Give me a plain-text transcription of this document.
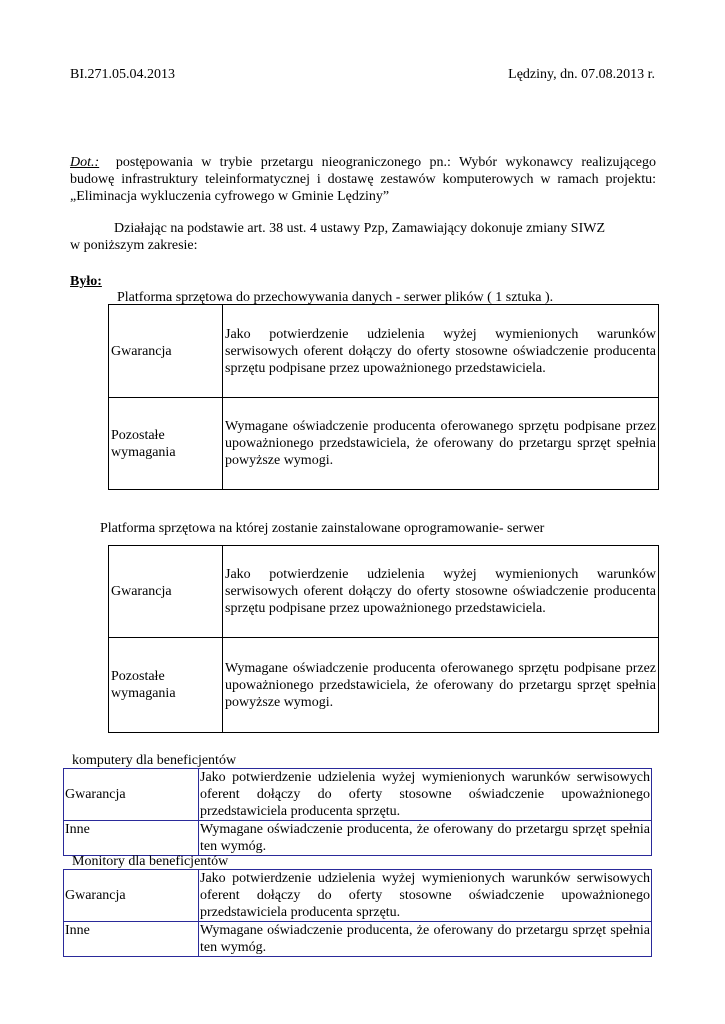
BI.271.05.04.2013	Lędziny, dn. 07.08.2013 r.
Dot.: postępowania w trybie przetargu nieograniczonego pn.: Wybór wykonawcy realizującego
budowę infrastruktury teleinformatycznej i dostawę zestawów komputerowych w ramach projektu:
„Eliminacja wykluczenia cyfrowego w Gminie Lędziny”
Działając na podstawie art. 38 ust. 4 ustawy Pzp, Zamawiający dokonuje zmiany SIWZ
w poniższym zakresie:
Było:
Platforma sprzętowa do przechowywania danych - serwer plików ( 1 sztuka ).
Gwarancja	Jako potwierdzenie udzielenia wyżej wymienionych warunków serwisowych oferent dołączy do oferty stosowne oświadczenie producenta sprzętu podpisane przez upoważnionego przedstawiciela.
Pozostałe
wymagania	Wymagane oświadczenie producenta oferowanego sprzętu podpisane przez upoważnionego przedstawiciela, że oferowany do przetargu sprzęt spełnia powyższe wymogi.
Platforma sprzętowa na której zostanie zainstalowane oprogramowanie- serwer
Gwarancja	Jako potwierdzenie udzielenia wyżej wymienionych warunków serwisowych oferent dołączy do oferty stosowne oświadczenie producenta sprzętu podpisane przez upoważnionego przedstawiciela.
Pozostałe
wymagania	Wymagane oświadczenie producenta oferowanego sprzętu podpisane przez upoważnionego przedstawiciela, że oferowany do przetargu sprzęt spełnia powyższe wymogi.
komputery dla beneficjentów
Gwarancja	Jako potwierdzenie udzielenia wyżej wymienionych warunków serwisowych oferent dołączy do oferty stosowne oświadczenie upoważnionego przedstawiciela producenta sprzętu.
Inne	Wymagane oświadczenie producenta, że oferowany do przetargu sprzęt spełnia ten wymóg.
Monitory dla beneficjentów
Gwarancja	Jako potwierdzenie udzielenia wyżej wymienionych warunków serwisowych oferent dołączy do oferty stosowne oświadczenie upoważnionego przedstawiciela producenta sprzętu.
Inne	Wymagane oświadczenie producenta, że oferowany do przetargu sprzęt spełnia ten wymóg.
